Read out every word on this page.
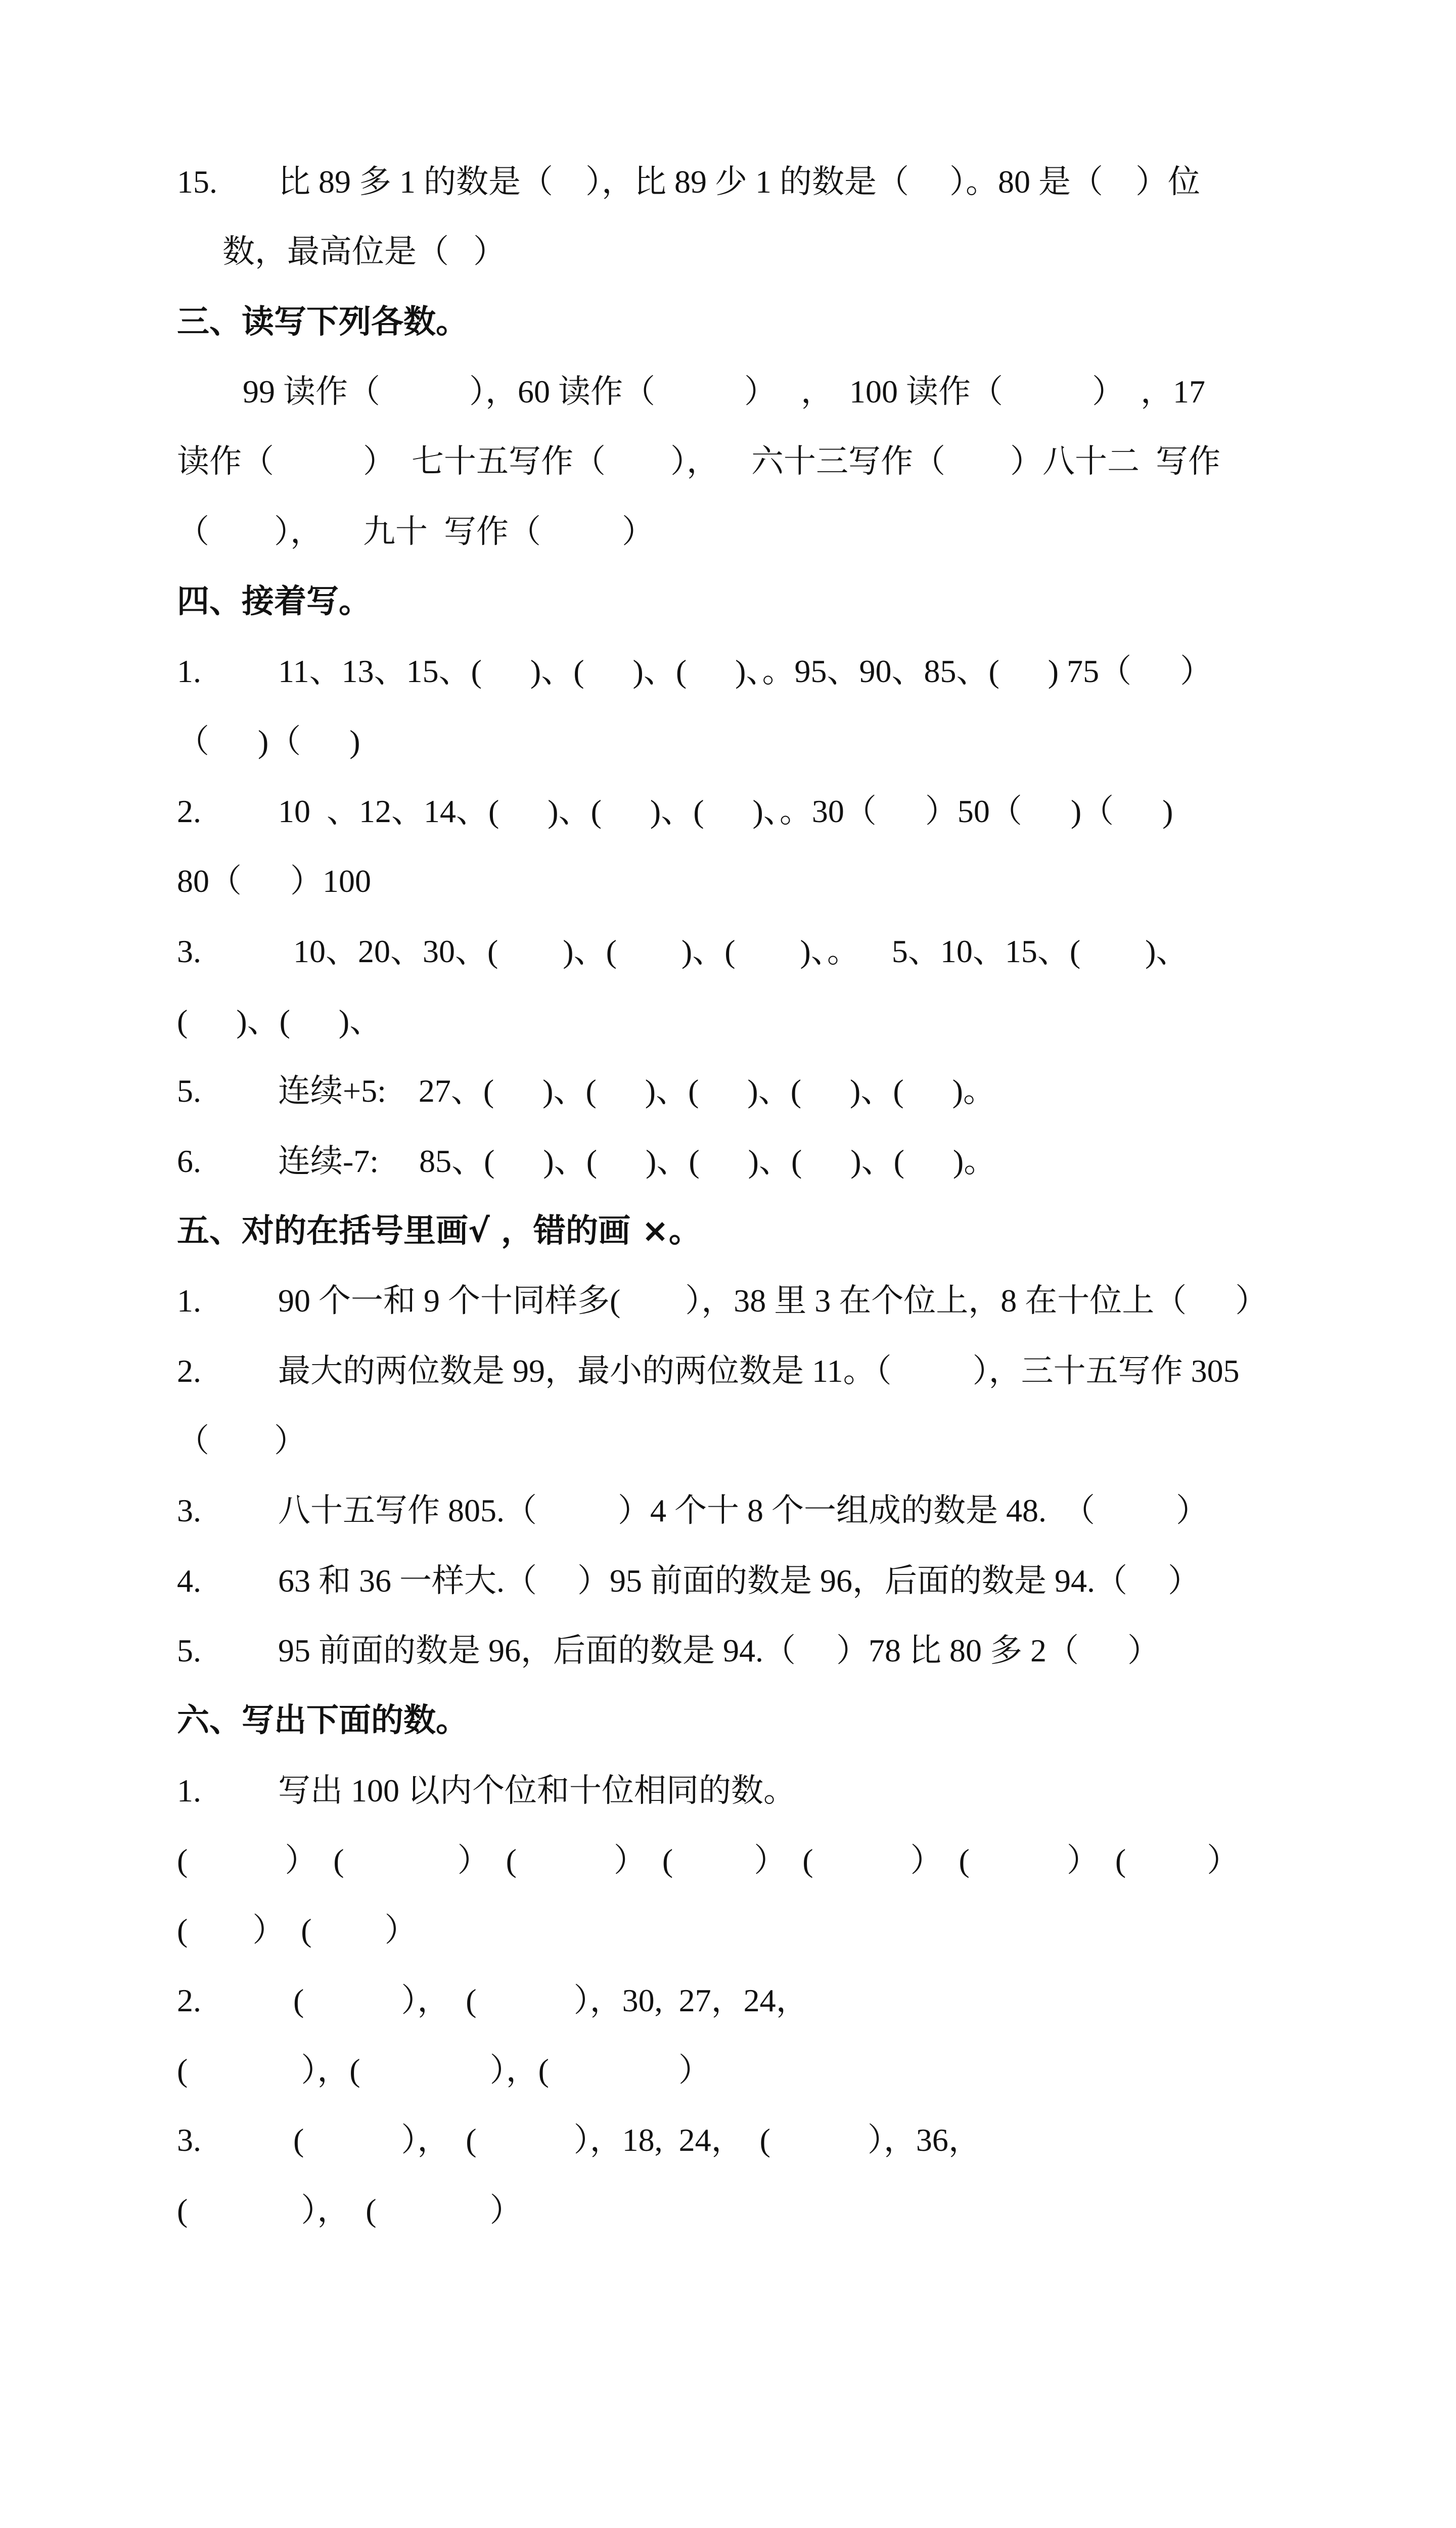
15. 比 89 多 1 的数是（    ），比 89 少 1 的数是（     ）。80 是（    ）位
数，最高位是（   ）
三、读写下列各数。
99 读作（           ），60 读作（           ）   ，  100 读作（           ）  ，17
读作（           ）  七十五写作（        ），    六十三写作（        ）八十二  写作
（        ），     九十  写作（          ）
四、接着写。
1. 11、13、15、(      )、(      )、(      )、。95、90、85、(      ) 75（      ）
（      )（      )
2. 10  、12、14、(      )、(      )、(      )、。30（      ）50（      )（      )
80（      ）100
3.	10、20、30、(        )、(        )、(        )、。    5、10、15、(        )、
(      )、(      )、
5. 连续+5:    27、(      )、(      )、(      )、(      )、(      )。
6. 连续-7:     85、(      )、(      )、(      )、(      )、(      )。
五、对的在括号里画√ ，错的画 ×。
1. 90 个一和 9 个十同样多(        ），38 里 3 在个位上，8 在十位上（      ）
2. 最大的两位数是 99，最小的两位数是 11。（          ），三十五写作 305
（        ）
3. 八十五写作 805.（          ）4 个十 8 个一组成的数是 48.  （          ）
4. 63 和 36 一样大.（     ）95 前面的数是 96，后面的数是 94.（     ）
5. 95 前面的数是 96，后面的数是 94.（     ）78 比 80 多 2（      ）
六、写出下面的数。
1. 写出 100 以内个位和十位相同的数。
(            ）  (              ）  (            ）  (          ）  (            ）  (            ）  (          ）
(        ）  (         ）
2.	(            ），  (            ），30,  27，24，
(              ），(                ），(                ）
3.	(            ），  (            ），18,  24，  (            ），36，
(              ），  (              ）
